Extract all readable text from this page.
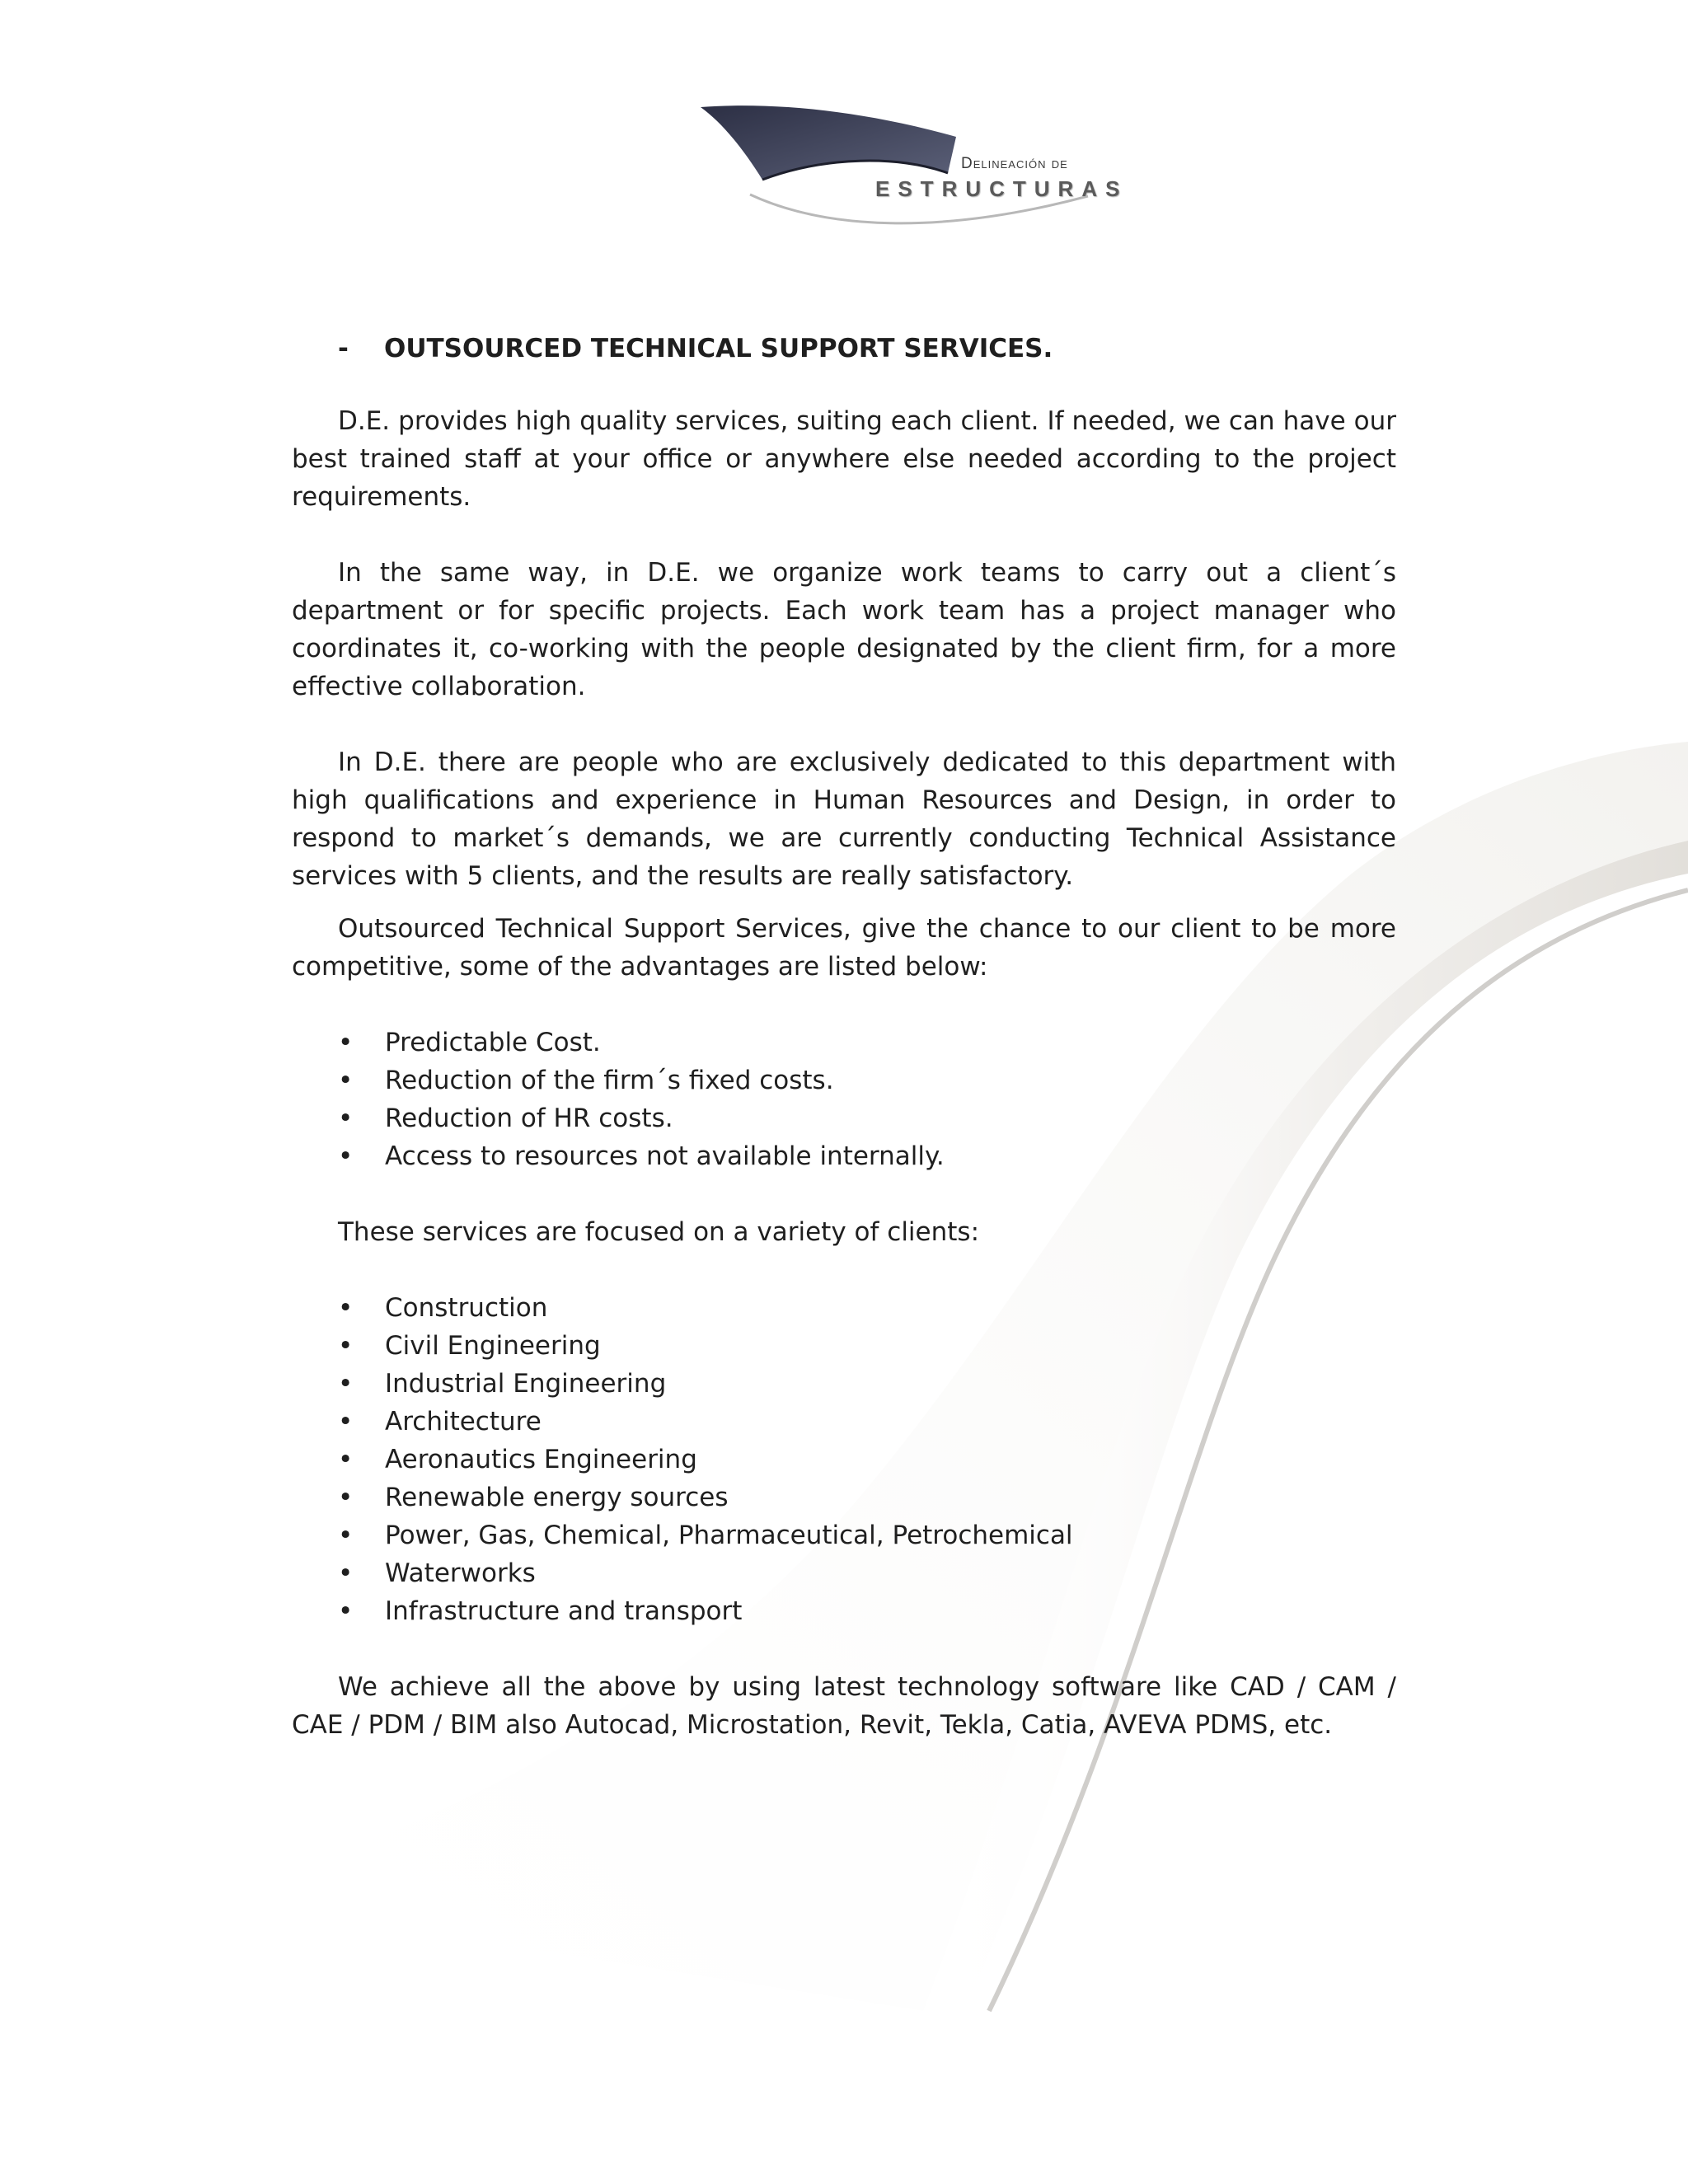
Delineación de
ESTRUCTURAS
-	OUTSOURCED TECHNICAL SUPPORT SERVICES.

D.E. provides high quality services, suiting each client. If needed, we can have our best trained staff at your office or anywhere else needed according to the project requirements.

In the same way, in D.E. we organize work teams to carry out a client´s department or for specific projects. Each work team has a project manager who coordinates it, co-working with the people designated by the client firm, for a more effective collaboration.

In D.E. there are people who are exclusively dedicated to this department with high qualifications and experience in Human Resources and Design, in order to respond to market´s demands, we are currently conducting Technical Assistance services with 5 clients, and the results are really satisfactory.

Outsourced Technical Support Services, give the chance to our client to be more competitive, some of the advantages are listed below:

•	Predictable Cost.
•	Reduction of the firm´s fixed costs.
•	Reduction of HR costs.
•	Access to resources not available internally.

These services are focused on a variety of clients:

•	Construction
•	Civil Engineering
•	Industrial Engineering
•	Architecture
•	Aeronautics Engineering
•	Renewable energy sources
•	Power, Gas, Chemical, Pharmaceutical, Petrochemical
•	Waterworks
•	Infrastructure and transport

We achieve all the above by using latest technology software like CAD / CAM / CAE / PDM / BIM also Autocad, Microstation, Revit, Tekla, Catia, AVEVA PDMS, etc.
